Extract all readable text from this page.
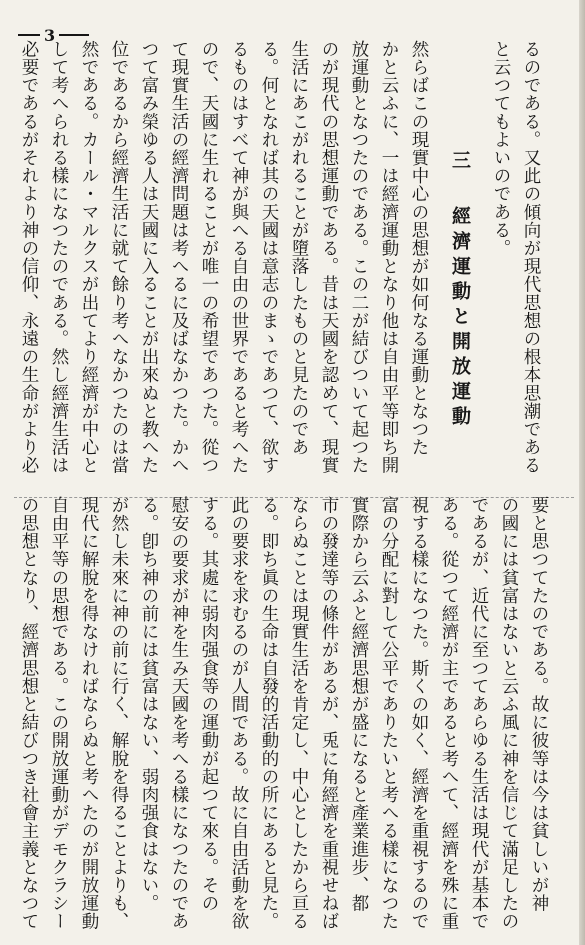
3
るのである。又此の傾向が現代思想の根本思潮である
と云つてもよいのである。
三 經濟運動と開放運動
然らばこの現實中心の思想が如何なる運動となつた
かと云ふに、一は經濟運動となり他は自由平等即ち開
放運動となつたのである。この二が結びついて起つた
のが現代の思想運動である。昔は天國を認めて、現實
生活にあこがれることが墮落したものと見たのであ
る。何となれば其の天國は意志のまゝであつて、欲す
るものはすべて神が與へる自由の世界であると考へた
ので、天國に生れることが唯一の希望であつた。從つ
て現實生活の經濟問題は考へるに及ばなかつた。かへ
つて富み榮ゆる人は天國に入ることが出來ぬと教へた
位であるから經濟生活に就て餘り考へなかつたのは當
然である。カール・マルクスが出てより經濟が中心と
して考へられる樣になつたのである。然し經濟生活は
必要であるがそれより神の信仰、永遠の生命がより必
要と思つてたのである。故に彼等は今は貧しいが神
の國には貧富はないと云ふ風に神を信じて滿足したの
であるが、近代に至つてあらゆる生活は現代が基本で
ある。從つて經濟が主であると考へて、經濟を殊に重
視する樣になつた。斯くの如く、經濟を重視するので
富の分配に對して公平でありたいと考へる樣になつた
實際から云ふと經濟思想が盛になると產業進步、都
市の發達等の條件があるが、兎に角經濟を重視せねば
ならぬことは現實生活を肯定し、中心としたから亘る
る。即ち眞の生命は自發的活動的の所にあると見た。
此の要求を求むるのが人間である。故に自由活動を欲
する。其處に弱肉强食等の運動が起つて來る。その
慰安の要求が神を生み天國を考へる樣になつたのであ
る。卽ち神の前には貧富はない、弱肉强食はない。
が然し未來に神の前に行く、解脫を得ることよりも、
現代に解脫を得なければならぬと考へたのが開放運動
自由平等の思想である。この開放運動がデモクラシー
の思想となり、經濟思想と結びつき社會主義となつて
